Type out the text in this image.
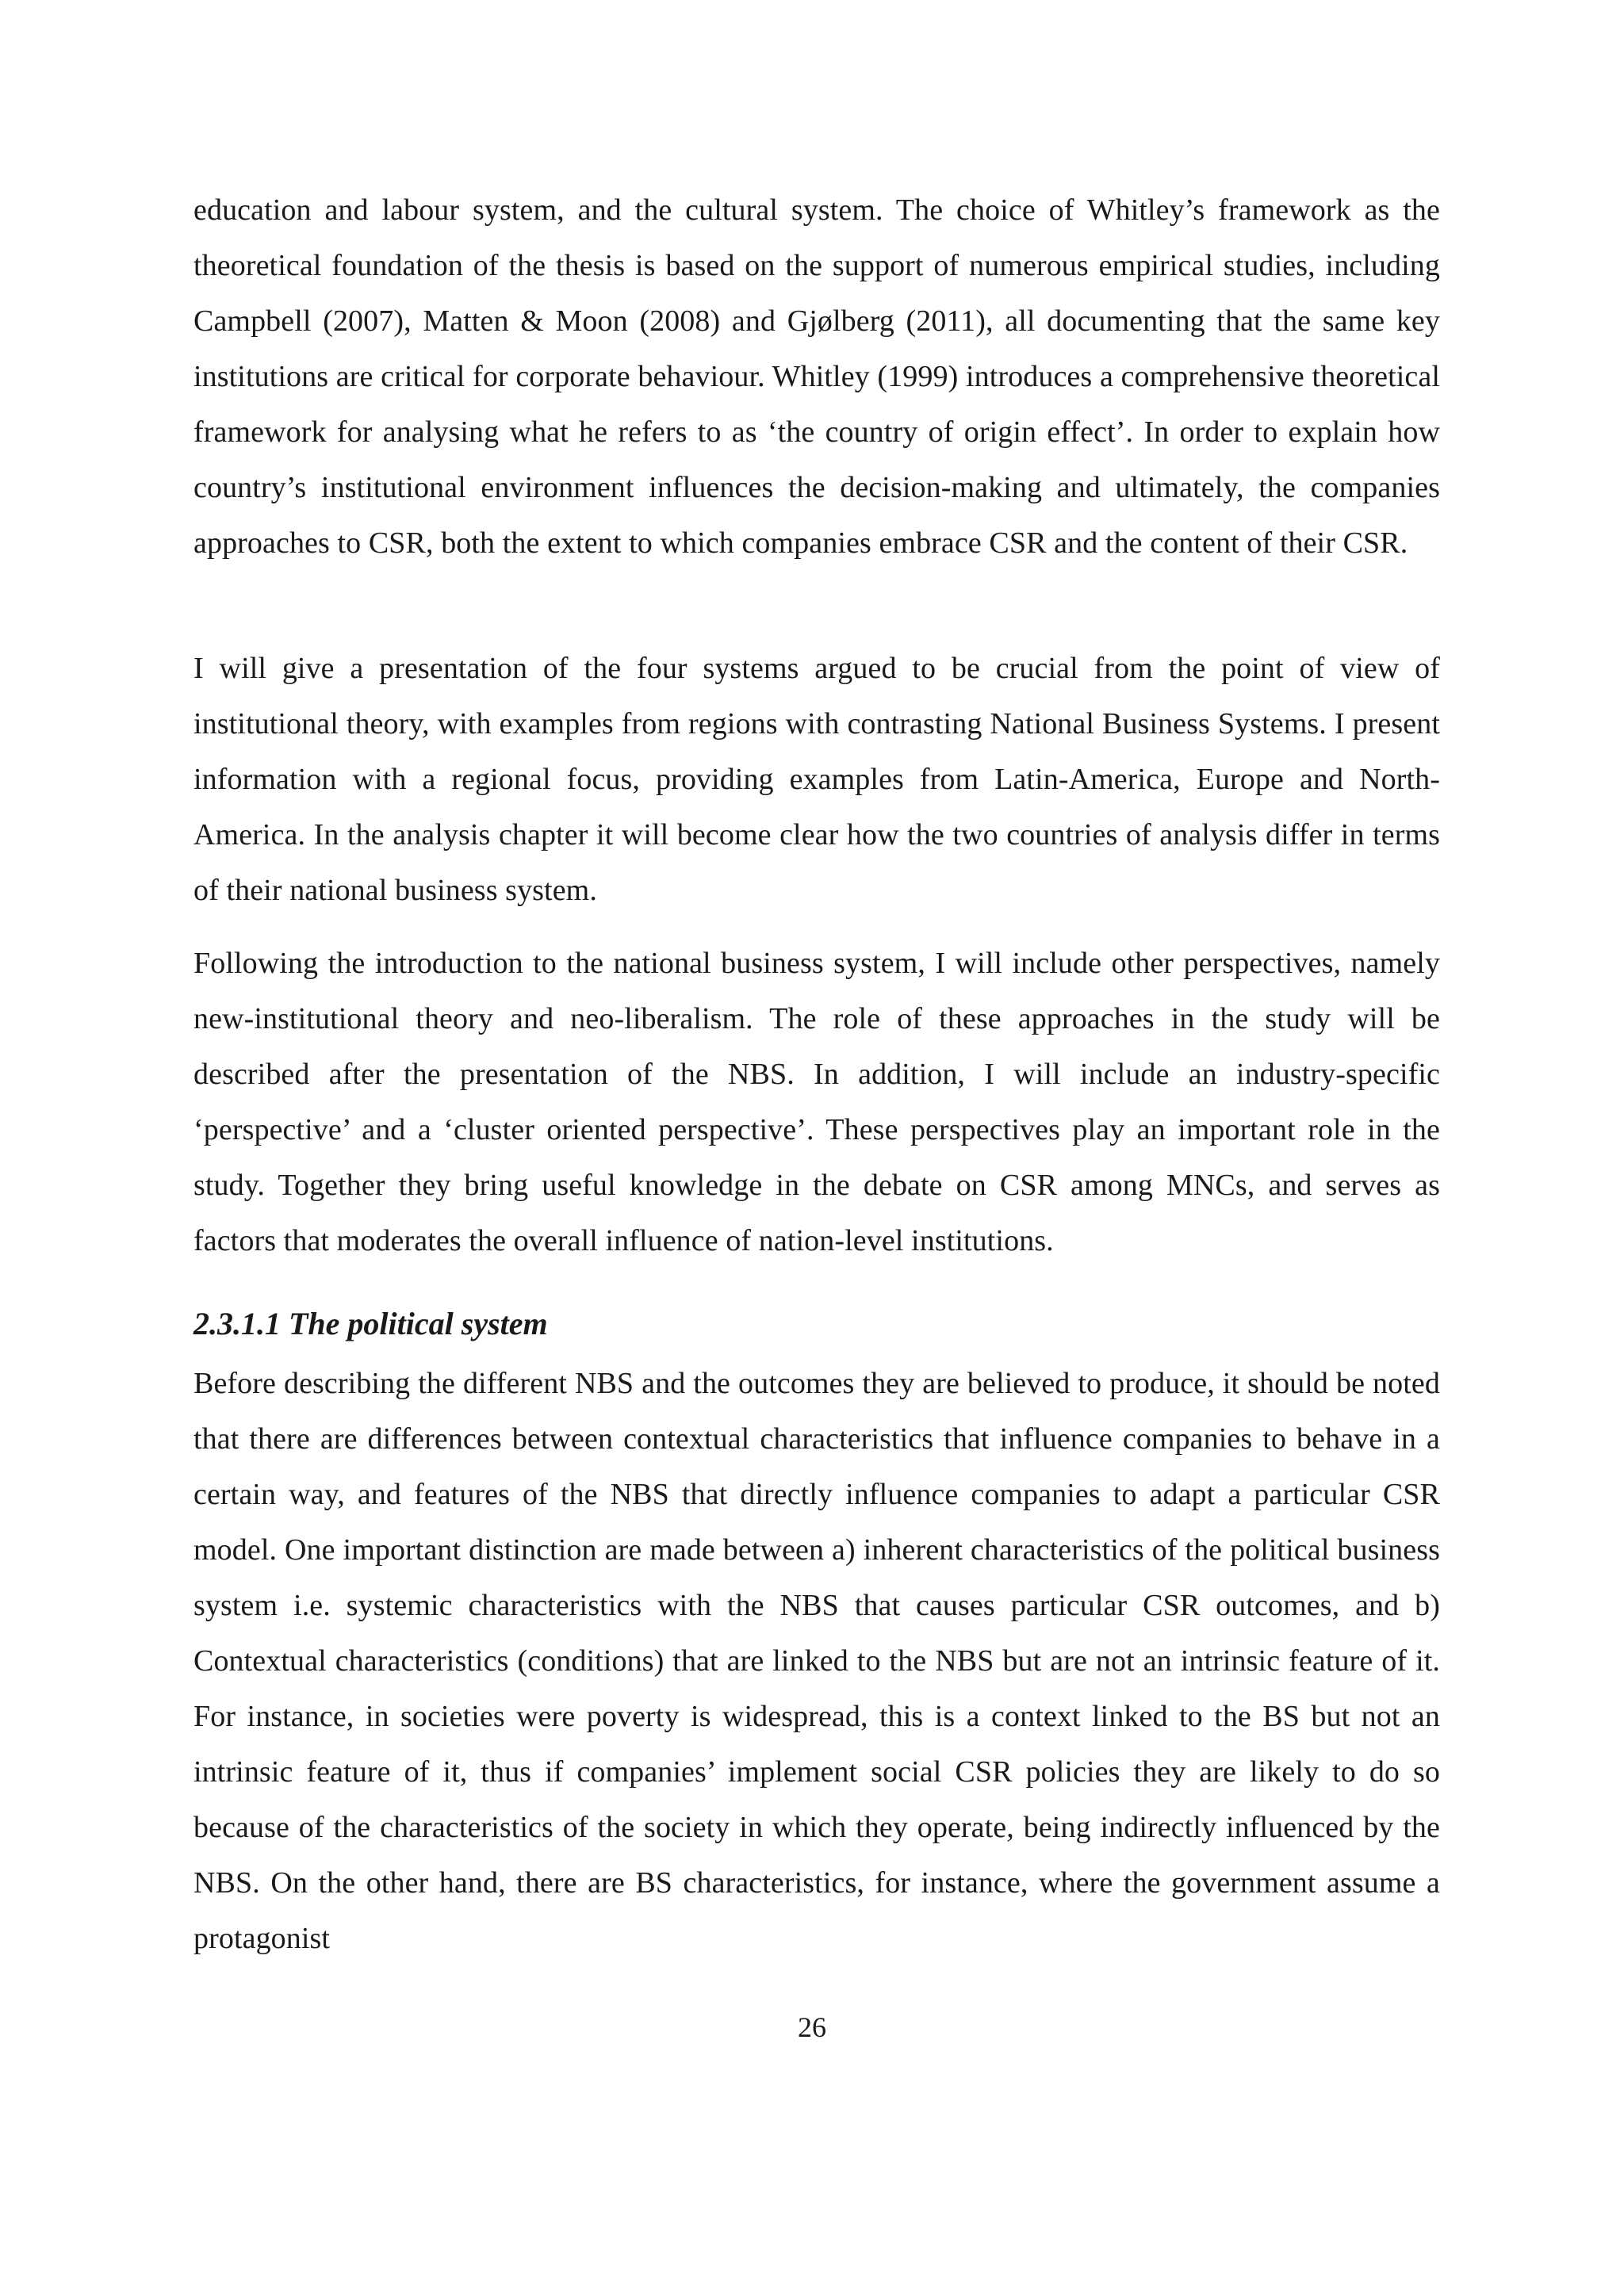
education and labour system, and the cultural system. The choice of Whitley’s framework as the theoretical foundation of the thesis is based on the support of numerous empirical studies, including Campbell (2007), Matten & Moon (2008) and Gjølberg (2011), all documenting that the same key institutions are critical for corporate behaviour. Whitley (1999) introduces a comprehensive theoretical framework for analysing what he refers to as ‘the country of origin effect’. In order to explain how country’s institutional environment influences the decision-making and ultimately, the companies approaches to CSR, both the extent to which companies embrace CSR and the content of their CSR.

I will give a presentation of the four systems argued to be crucial from the point of view of institutional theory, with examples from regions with contrasting National Business Systems. I present information with a regional focus, providing examples from Latin-America, Europe and North-America. In the analysis chapter it will become clear how the two countries of analysis differ in terms of their national business system.

Following the introduction to the national business system, I will include other perspectives, namely new-institutional theory and neo-liberalism. The role of these approaches in the study will be described after the presentation of the NBS. In addition, I will include an industry-specific ‘perspective’ and a ‘cluster oriented perspective’. These perspectives play an important role in the study. Together they bring useful knowledge in the debate on CSR among MNCs, and serves as factors that moderates the overall influence of nation-level institutions.

2.3.1.1 The political system

Before describing the different NBS and the outcomes they are believed to produce, it should be noted that there are differences between contextual characteristics that influence companies to behave in a certain way, and features of the NBS that directly influence companies to adapt a particular CSR model. One important distinction are made between a) inherent characteristics of the political business system i.e. systemic characteristics with the NBS that causes particular CSR outcomes, and b) Contextual characteristics (conditions) that are linked to the NBS but are not an intrinsic feature of it. For instance, in societies were poverty is widespread, this is a context linked to the BS but not an intrinsic feature of it, thus if companies’ implement social CSR policies they are likely to do so because of the characteristics of the society in which they operate, being indirectly influenced by the NBS. On the other hand, there are BS characteristics, for instance, where the government assume a protagonist

26
